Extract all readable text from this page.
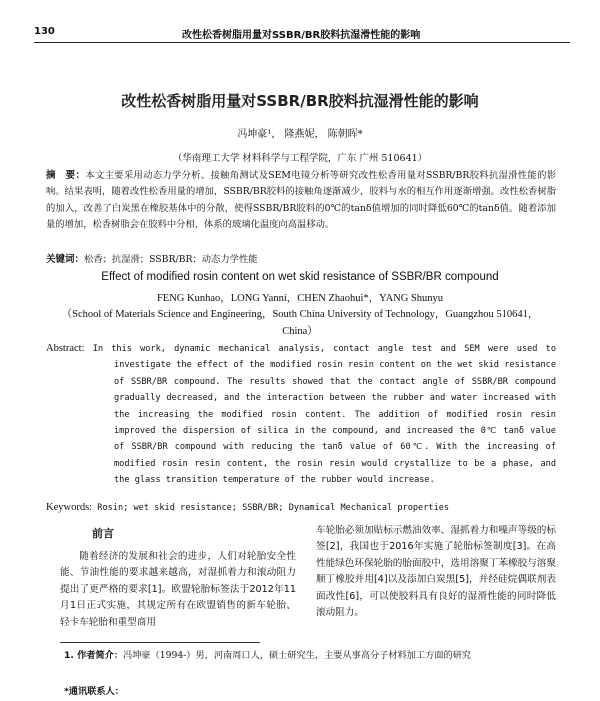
130	改性松香树脂用量对SSBR/BR胶料抗湿滑性能的影响
改性松香树脂用量对SSBR/BR胶料抗湿滑性能的影响
冯坤豪¹， 隆燕妮， 陈朝晖*
（华南理工大学 材料科学与工程学院，广东 广州 510641）
摘　要：本文主要采用动态力学分析、接触角测试及SEM电镜分析等研究改性松香用量对SSBR/BR胶料抗湿滑性能的影响。结果表明，随着改性松香用量的增加，SSBR/BR胶料的接触角逐渐减少，胶料与水的相互作用逐渐增强。改性松香树脂的加入，改善了白炭黑在橡胶基体中的分散，使得SSBR/BR胶料的0℃的tanδ值增加的同时降低60℃的tanδ值。随着添加量的增加，松香树脂会在胶料中分相，体系的玻璃化温度向高温移动。
关键词：松香；抗湿滑；SSBR/BR；动态力学性能
Effect of modified rosin content on wet skid resistance of SSBR/BR compound
FENG Kunhao，LONG Yanni，CHEN Zhaohui*，YANG Shunyu
（School of Materials Science and Engineering，South China University of Technology，Guangzhou 510641，China）
Abstract: In this work, dynamic mechanical analysis, contact angle test and SEM were used to investigate the effect of the modified rosin resin content on the wet skid resistance of SSBR/BR compound. The results showed that the contact angle of SSBR/BR compound gradually decreased, and the interaction between the rubber and water increased with the increasing the modified rosin content. The addition of modified rosin resin improved the dispersion of silica in the compound, and increased the 0℃ tanδ value of SSBR/BR compound with reducing the tanδ value of 60℃. With the increasing of modified rosin resin content, the rosin resin would crystallize to be a phase, and the glass transition temperature of the rubber would increase.
Keywords: Rosin; wet skid resistance; SSBR/BR; Dynamical Mechanical properties
前言
随着经济的发展和社会的进步，人们对轮胎安全性能、节油性能的要求越来越高，对湿抓着力和滚动阻力提出了更严格的要求[1]。欧盟轮胎标签法于2012年11月1日正式实施，其规定所有在欧盟销售的新车轮胎、轻卡车轮胎和重型商用
车轮胎必须加贴标示燃油效率、湿抓着力和噪声等级的标签[2]，我国也于2016年实施了轮胎标签制度[3]。在高性能绿色环保轮胎的胎面胶中，选用溶聚丁苯橡胶与溶聚顺丁橡胶并用[4]以及添加白炭黑[5]，并经硅烷偶联剂表面改性[6]，可以使胶料具有良好的湿滑性能的同时降低滚动阻力。
1. 作者简介：冯坤豪（1994-）男，河南周口人，硕士研究生，主要从事高分子材料加工方面的研究
*通讯联系人：
